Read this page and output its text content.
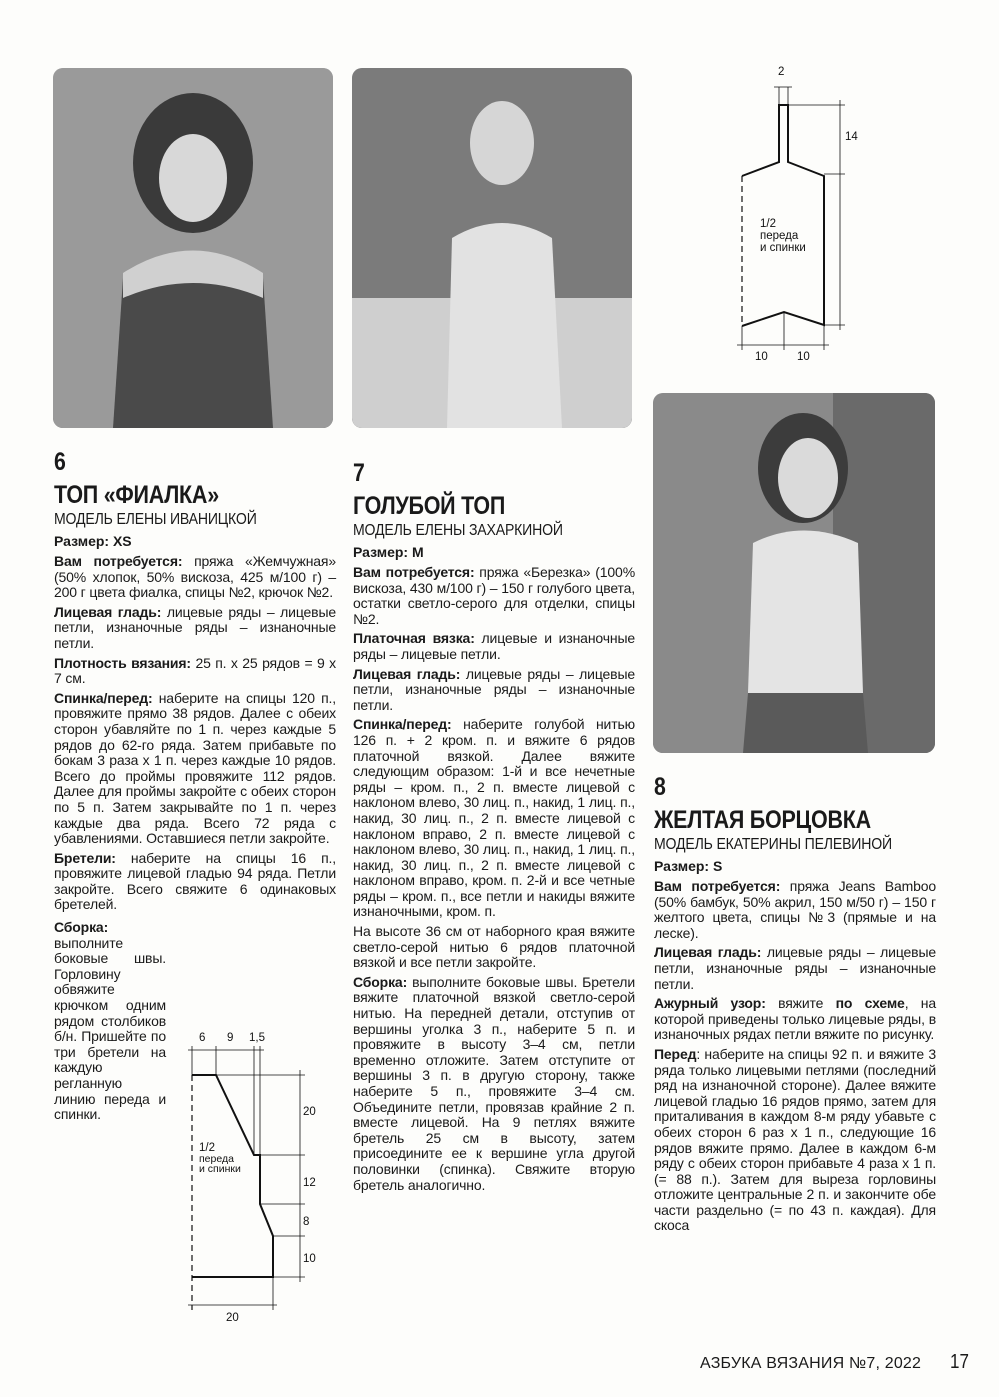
2
14
10	10
1/2
переда
и спинки
6
ТОП «ФИАЛКА»
МОДЕЛЬ ЕЛЕНЫ ИВАНИЦКОЙ
Размер: XS

Вам потребуется: пряжа «Жемчужная» (50% хлопок, 50% вискоза, 425 м/100 г) – 200 г цвета фиалка, спицы №2, крючок №2.

Лицевая гладь: лицевые ряды – лицевые петли, изнаночные ряды – изнаночные петли.

Плотность вязания: 25 п. х 25 рядов = 9 х 7 см.

Спинка/перед: наберите на спицы 120 п., провяжите прямо 38 рядов. Далее с обеих сторон убавляйте по 1 п. через каждые 5 рядов до 62-го ряда. Затем прибавьте по бокам 3 раза х 1 п. через каждые 10 рядов. Всего до проймы провяжите 112 рядов. Далее для проймы закройте с обеих сторон по 5 п. Затем закрывайте по 1 п. через каждые два ряда. Всего 72 ряда с убавлениями. Оставшиеся петли закройте.

Бретели: наберите на спицы 16 п., провяжите лицевой гладью 94 ряда. Петли закройте. Всего свяжите 6 одинаковых бретелей.

Сборка: выполните боковые швы. Горловину обвяжите крючком одним рядом столбиков б/н. Пришейте по три бретели на каждую регланную линию переда и спинки.

6 9 1,5
20
12
8
10
20
1/2
переда
и спинки
7
ГОЛУБОЙ ТОП
МОДЕЛЬ ЕЛЕНЫ ЗАХАРКИНОЙ
Размер: M

Вам потребуется: пряжа «Березка» (100% вискоза, 430 м/100 г) – 150 г голубого цвета, остатки светло-серого для отделки, спицы №2.

Платочная вязка: лицевые и изнаночные ряды – лицевые петли.

Лицевая гладь: лицевые ряды – лицевые петли, изнаночные ряды – изнаночные петли.

Спинка/перед: наберите голубой нитью 126 п. + 2 кром. п. и вяжите 6 рядов платочной вязкой. Далее вяжите следующим образом: 1-й и все нечетные ряды – кром. п., 2 п. вместе лицевой с наклоном влево, 30 лиц. п., накид, 1 лиц. п., накид, 30 лиц. п., 2 п. вместе лицевой с наклоном вправо, 2 п. вместе лицевой с наклоном влево, 30 лиц. п., накид, 1 лиц. п., накид, 30 лиц. п., 2 п. вместе лицевой с наклоном вправо, кром. п. 2-й и все четные ряды – кром. п., все петли и накиды вяжите изнаночными, кром. п.

На высоте 36 см от наборного края вяжите светло-серой нитью 6 рядов платочной вязкой и все петли закройте.

Сборка: выполните боковые швы. Бретели вяжите платочной вязкой светло-серой нитью. На передней детали, отступив от вершины уголка 3 п., наберите 5 п. и провяжите в высоту 3–4 см, петли временно отложите. Затем отступите от вершины 3 п. в другую сторону, также наберите 5 п., провяжите 3–4 см. Объедините петли, провязав крайние 2 п. вместе лицевой. На 9 петлях вяжите бретель 25 см в высоту, затем присоедините ее к вершине угла другой половинки (спинка). Свяжите вторую бретель аналогично.

8
ЖЕЛТАЯ БОРЦОВКА
МОДЕЛЬ ЕКАТЕРИНЫ ПЕЛЕВИНОЙ
Размер: S

Вам потребуется: пряжа Jeans Bamboo (50% бамбук, 50% акрил, 150 м/50 г) – 150 г желтого цвета, спицы №3 (прямые и на леске).

Лицевая гладь: лицевые ряды – лицевые петли, изнаночные ряды – изнаночные петли.

Ажурный узор: вяжите по схеме, на которой приведены только лицевые ряды, в изнаночных рядах петли вяжите по рисунку.

Перед: наберите на спицы 92 п. и вяжите 3 ряда только лицевыми петлями (последний ряд на изнаночной стороне). Далее вяжите лицевой гладью 16 рядов прямо, затем для приталивания в каждом 8-м ряду убавьте с обеих сторон 6 раз х 1 п., следующие 16 рядов вяжите прямо. Далее в каждом 6-м ряду с обеих сторон прибавьте 4 раза х 1 п. (= 88 п.). Затем для выреза горловины отложите центральные 2 п. и закончите обе части раздельно (= по 43 п. каждая). Для скоса

АЗБУКА ВЯЗАНИЯ №7, 2022 17
